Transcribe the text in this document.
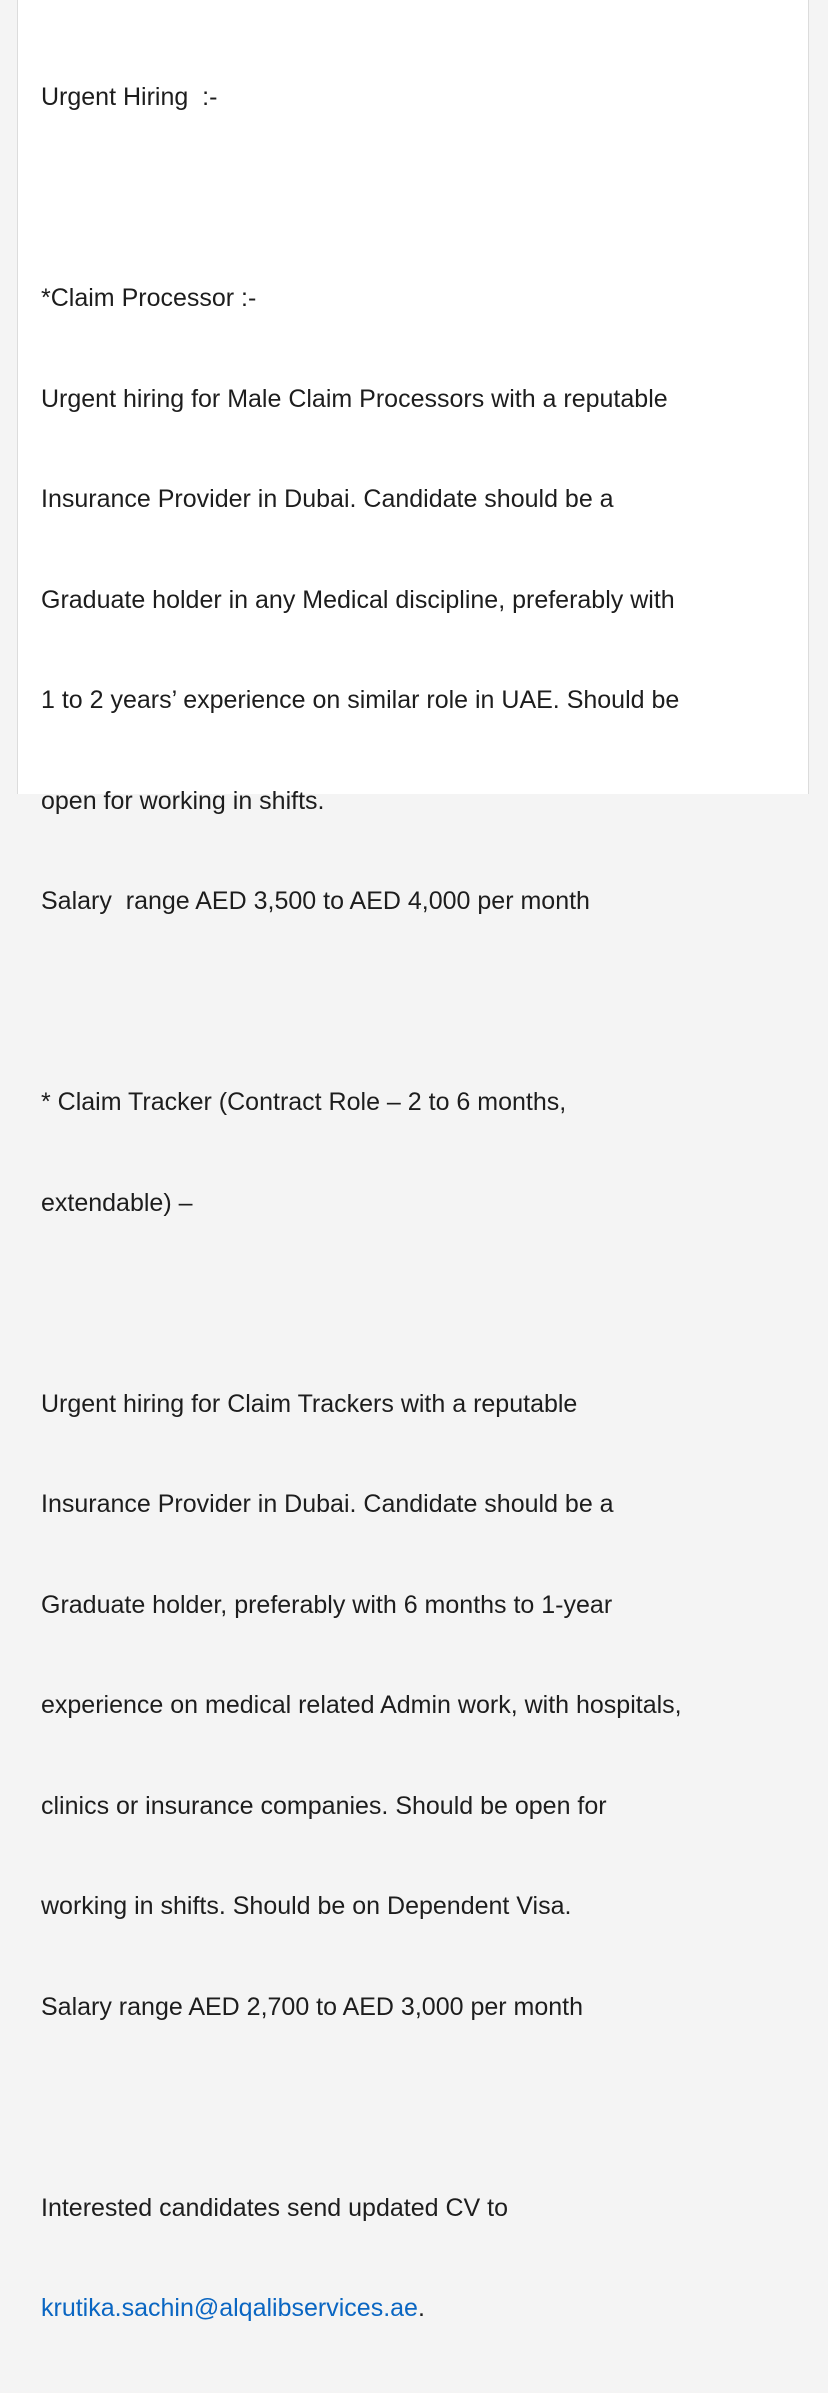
Urgent Hiring  :-

*Claim Processor :-

Urgent hiring for Male Claim Processors with a reputable

Insurance Provider in Dubai. Candidate should be a

Graduate holder in any Medical discipline, preferably with

1 to 2 years’ experience on similar role in UAE. Should be

open for working in shifts.

Salary  range AED 3,500 to AED 4,000 per month

* Claim Tracker (Contract Role – 2 to 6 months,

extendable) –

Urgent hiring for Claim Trackers with a reputable

Insurance Provider in Dubai. Candidate should be a

Graduate holder, preferably with 6 months to 1-year

experience on medical related Admin work, with hospitals,

clinics or insurance companies. Should be open for

working in shifts. Should be on Dependent Visa.

Salary range AED 2,700 to AED 3,000 per month

Interested candidates send updated CV to

krutika.sachin@alqalibservices.ae.
